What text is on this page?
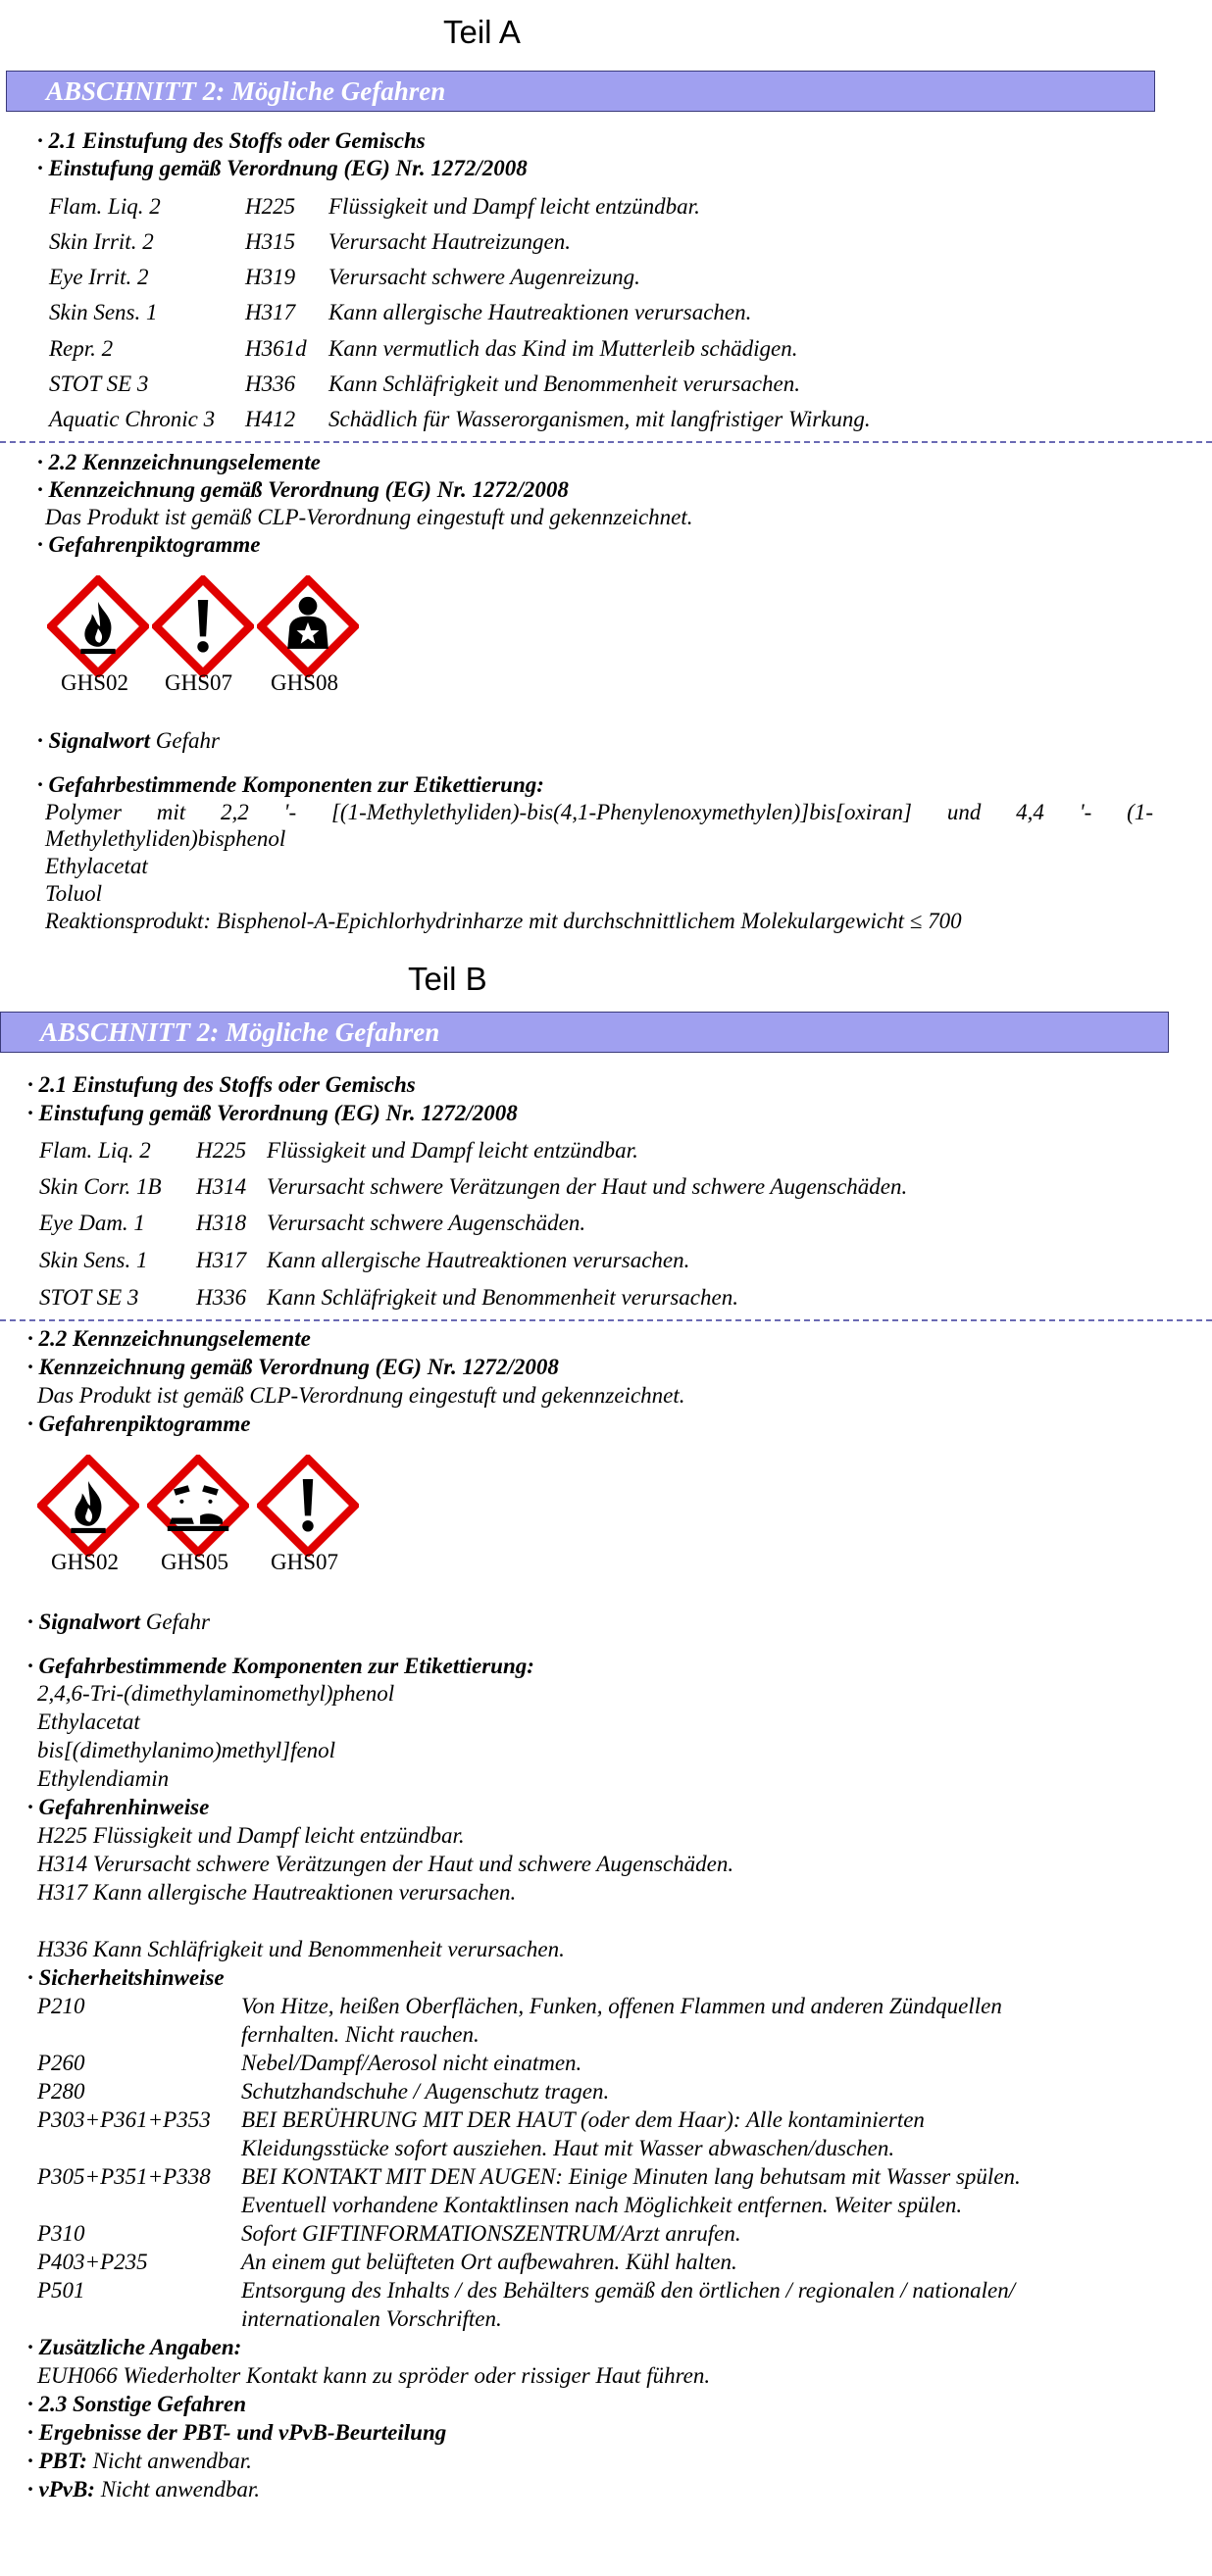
Teil A
ABSCHNITT 2: Mögliche Gefahren
· 2.1 Einstufung des Stoffs oder Gemischs
· Einstufung gemäß Verordnung (EG) Nr. 1272/2008
Flam. Liq. 2	H225 Flüssigkeit und Dampf leicht entzündbar.
Skin Irrit. 2	H315 Verursacht Hautreizungen.
Eye Irrit. 2	H319 Verursacht schwere Augenreizung.
Skin Sens. 1	H317 Kann allergische Hautreaktionen verursachen.
Repr. 2	H361d Kann vermutlich das Kind im Mutterleib schädigen.
STOT SE 3	H336 Kann Schläfrigkeit und Benommenheit verursachen.
Aquatic Chronic 3 H412 Schädlich für Wasserorganismen, mit langfristiger Wirkung.
· 2.2 Kennzeichnungselemente
· Kennzeichnung gemäß Verordnung (EG) Nr. 1272/2008
Das Produkt ist gemäß CLP-Verordnung eingestuft und gekennzeichnet.
· Gefahrenpiktogramme
GHS02 GHS07 GHS08
· Signalwort Gefahr
· Gefahrbestimmende Komponenten zur Etikettierung:
Polymer mit 2,2 '- [(1-Methylethyliden)-bis(4,1-Phenylenoxymethylen)]bis[oxiran] und 4,4 '- (1-
Methylethyliden)bisphenol
Ethylacetat
Toluol
Reaktionsprodukt: Bisphenol-A-Epichlorhydrinharze mit durchschnittlichem Molekulargewicht ≤ 700
Teil B
ABSCHNITT 2: Mögliche Gefahren
· 2.1 Einstufung des Stoffs oder Gemischs
· Einstufung gemäß Verordnung (EG) Nr. 1272/2008
Flam. Liq. 2 H225 Flüssigkeit und Dampf leicht entzündbar.
Skin Corr. 1B H314 Verursacht schwere Verätzungen der Haut und schwere Augenschäden.
Eye Dam. 1 H318 Verursacht schwere Augenschäden.
Skin Sens. 1 H317 Kann allergische Hautreaktionen verursachen.
STOT SE 3	H336 Kann Schläfrigkeit und Benommenheit verursachen.
· 2.2 Kennzeichnungselemente
· Kennzeichnung gemäß Verordnung (EG) Nr. 1272/2008
Das Produkt ist gemäß CLP-Verordnung eingestuft und gekennzeichnet.
· Gefahrenpiktogramme
GHS02 GHS05 GHS07
· Signalwort Gefahr
· Gefahrbestimmende Komponenten zur Etikettierung:
2,4,6-Tri-(dimethylaminomethyl)phenol
Ethylacetat
bis[(dimethylanimo)methyl]fenol
Ethylendiamin
· Gefahrenhinweise
H225 Flüssigkeit und Dampf leicht entzündbar.
H314 Verursacht schwere Verätzungen der Haut und schwere Augenschäden.
H317 Kann allergische Hautreaktionen verursachen.
H336 Kann Schläfrigkeit und Benommenheit verursachen.
· Sicherheitshinweise
P210	Von Hitze, heißen Oberflächen, Funken, offenen Flammen und anderen Zündquellen
fernhalten. Nicht rauchen.
P260	Nebel/Dampf/Aerosol nicht einatmen.
P280	Schutzhandschuhe / Augenschutz tragen.
P303+P361+P353 BEI BERÜHRUNG MIT DER HAUT (oder dem Haar): Alle kontaminierten
Kleidungsstücke sofort ausziehen. Haut mit Wasser abwaschen/duschen.
P305+P351+P338 BEI KONTAKT MIT DEN AUGEN: Einige Minuten lang behutsam mit Wasser spülen.
Eventuell vorhandene Kontaktlinsen nach Möglichkeit entfernen. Weiter spülen.
P310	Sofort GIFTINFORMATIONSZENTRUM/Arzt anrufen.
P403+P235	An einem gut belüfteten Ort aufbewahren. Kühl halten.
P501	Entsorgung des Inhalts / des Behälters gemäß den örtlichen / regionalen / nationalen/
internationalen Vorschriften.
· Zusätzliche Angaben:
EUH066 Wiederholter Kontakt kann zu spröder oder rissiger Haut führen.
· 2.3 Sonstige Gefahren
· Ergebnisse der PBT- und vPvB-Beurteilung
· PBT: Nicht anwendbar.
· vPvB: Nicht anwendbar.
